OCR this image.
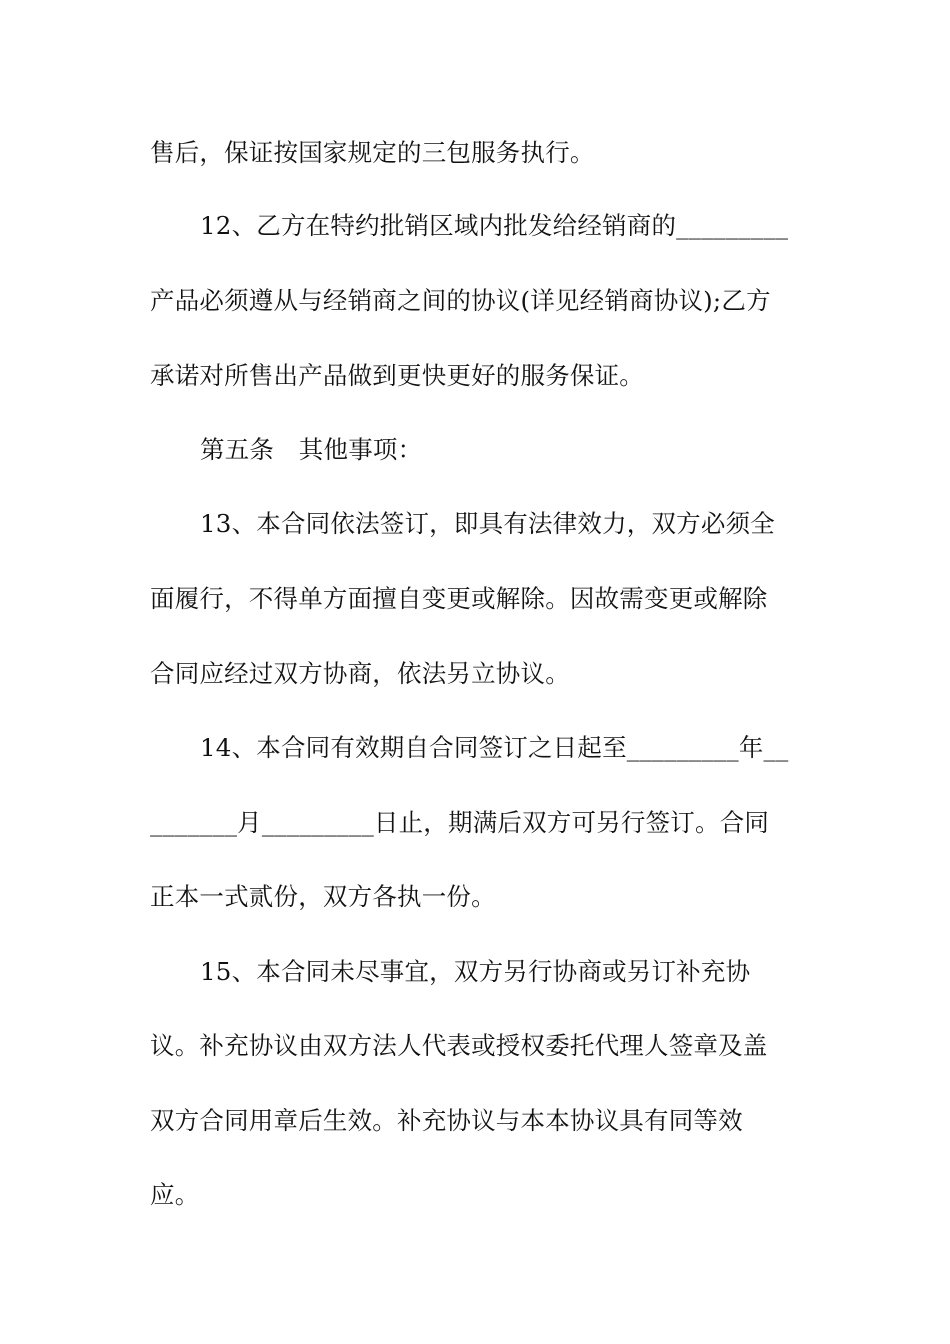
售后，保证按国家规定的三包服务执行。
12、乙方在特约批销区域内批发给经销商的_________
产品必须遵从与经销商之间的协议(详见经销商协议);乙方
承诺对所售出产品做到更快更好的服务保证。
第五条　其他事项：
13、本合同依法签订，即具有法律效力，双方必须全
面履行，不得单方面擅自变更或解除。因故需变更或解除
合同应经过双方协商，依法另立协议。
14、本合同有效期自合同签订之日起至_________年__
_______月_________日止，期满后双方可另行签订。合同
正本一式贰份，双方各执一份。
15、本合同未尽事宜，双方另行协商或另订补充协
议。补充协议由双方法人代表或授权委托代理人签章及盖
双方合同用章后生效。补充协议与本本协议具有同等效
应。
